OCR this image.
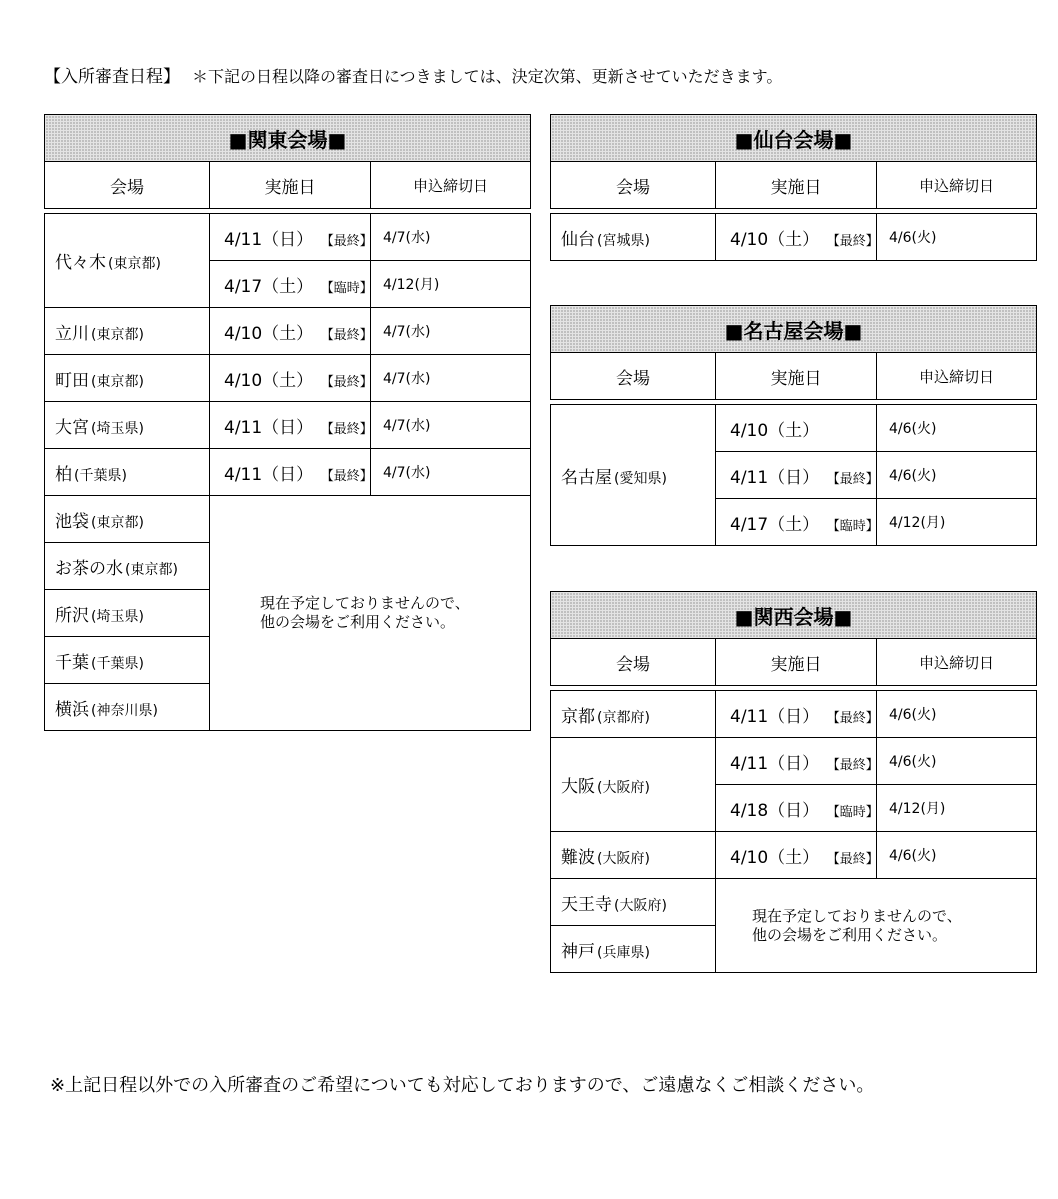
【入所審査日程】 ＊下記の日程以降の審査日につきましては、決定次第、更新させていただきます。
■関東会場■		
会場	実施日	申込締切日

代々木 (東京都)	4/11（日） 【最終】	4/7(水)
	4/17（土） 【臨時】	4/12(月)
立川 (東京都)	4/10（土） 【最終】	4/7(水)
町田 (東京都)	4/10（土） 【最終】	4/7(水)
大宮 (埼玉県)	4/11（日） 【最終】	4/7(水)
柏 (千葉県)	4/11（日） 【最終】	4/7(水)
池袋 (東京都)	現在予定しておりませんので、
他の会場をご利用ください。	
お茶の水 (東京都)		
所沢 (埼玉県)		
千葉 (千葉県)		
横浜 (神奈川県)		
■仙台会場■		
会場	実施日	申込締切日

仙台 (宮城県)	4/10（土） 【最終】	4/6(火)
■名古屋会場■		
会場	実施日	申込締切日

名古屋 (愛知県)	4/10（土）	4/6(火)
	4/11（日） 【最終】	4/6(火)
	4/17（土） 【臨時】	4/12(月)
■関西会場■		
会場	実施日	申込締切日

京都 (京都府)	4/11（日） 【最終】	4/6(火)
大阪 (大阪府)	4/11（日） 【最終】	4/6(火)
	4/18（日） 【臨時】	4/12(月)
難波 (大阪府)	4/10（土） 【最終】	4/6(火)
天王寺 (大阪府)	現在予定しておりませんので、
他の会場をご利用ください。	
神戸 (兵庫県)		
※上記日程以外での入所審査のご希望についても対応しておりますので、ご遠慮なくご相談ください。
